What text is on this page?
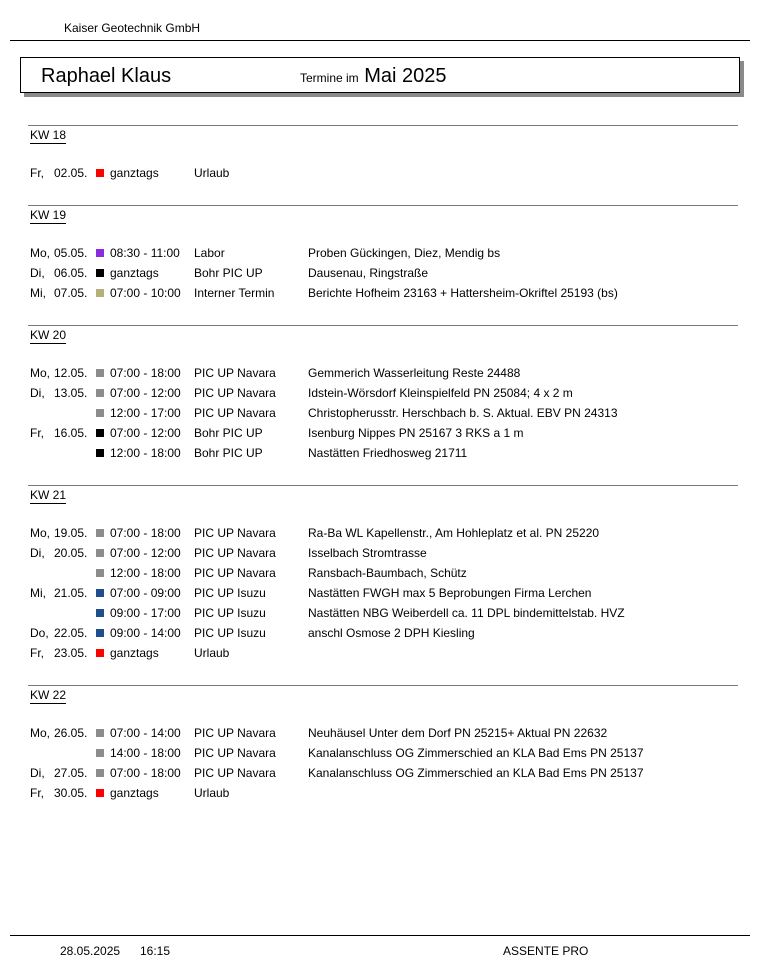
Kaiser Geotechnik GmbH
Raphael Klaus	Termine im Mai 2025
KW 18
Fr, 02.05. ganztags	Urlaub
KW 19
Mo, 05.05. 08:30 - 11:00 Labor	Proben Gückingen, Diez, Mendig bs
Di, 06.05. ganztags	Bohr PIC UP	Dausenau, Ringstraße
Mi, 07.05. 07:00 - 10:00 Interner Termin	Berichte Hofheim 23163 + Hattersheim-Okriftel 25193 (bs)
KW 20
Mo, 12.05. 07:00 - 18:00 PIC UP Navara	Gemmerich Wasserleitung Reste 24488
Di, 13.05. 07:00 - 12:00 PIC UP Navara	Idstein-Wörsdorf Kleinspielfeld PN 25084; 4 x 2 m
12:00 - 17:00 PIC UP Navara	Christopherusstr. Herschbach b. S. Aktual. EBV PN 24313
Fr, 16.05. 07:00 - 12:00 Bohr PIC UP	Isenburg Nippes PN 25167 3 RKS a 1 m
12:00 - 18:00 Bohr PIC UP	Nastätten Friedhosweg 21711
KW 21
Mo, 19.05. 07:00 - 18:00 PIC UP Navara	Ra-Ba WL Kapellenstr., Am Hohleplatz et al. PN 25220
Di, 20.05. 07:00 - 12:00 PIC UP Navara	Isselbach Stromtrasse
12:00 - 18:00 PIC UP Navara	Ransbach-Baumbach, Schütz
Mi, 21.05. 07:00 - 09:00 PIC UP Isuzu	Nastätten FWGH max 5 Beprobungen Firma Lerchen
09:00 - 17:00 PIC UP Isuzu	Nastätten NBG Weiberdell ca. 11 DPL bindemittelstab. HVZ
Do, 22.05. 09:00 - 14:00 PIC UP Isuzu	anschl Osmose 2 DPH Kiesling
Fr, 23.05. ganztags	Urlaub
KW 22
Mo, 26.05. 07:00 - 14:00 PIC UP Navara	Neuhäusel Unter dem Dorf PN 25215+ Aktual PN 22632
14:00 - 18:00 PIC UP Navara	Kanalanschluss OG Zimmerschied an KLA Bad Ems PN 25137
Di, 27.05. 07:00 - 18:00 PIC UP Navara	Kanalanschluss OG Zimmerschied an KLA Bad Ems PN 25137
Fr, 30.05. ganztags	Urlaub
28.05.2025 16:15	ASSENTE PRO
